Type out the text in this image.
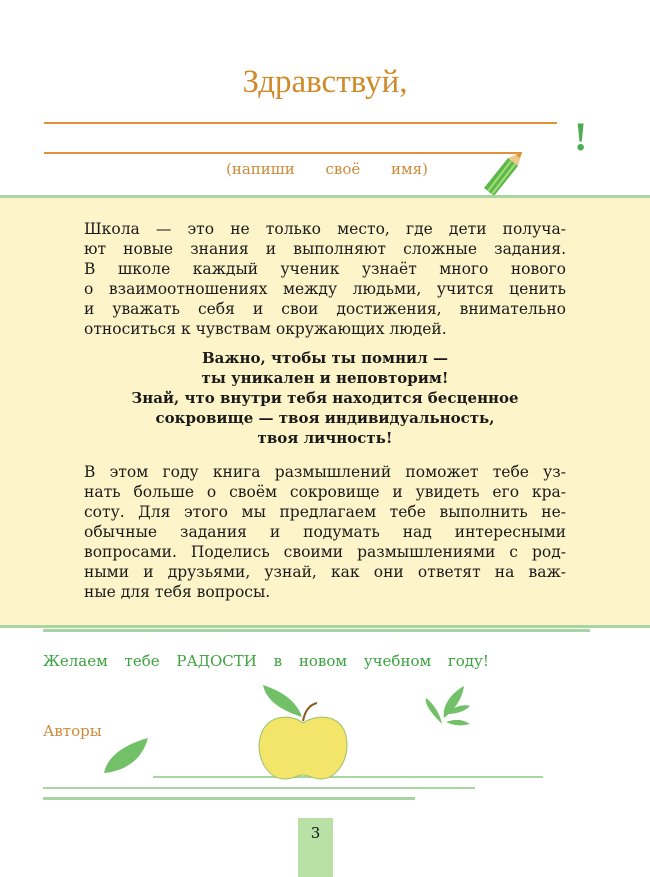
Здравствуй,
!
(напиши своё имя)
Школа — это не только место, где дети получа-
ют новые знания и выполняют сложные задания.
В школе каждый ученик узнаёт много нового
о взаимоотношениях между людьми, учится ценить
и уважать себя и свои достижения, внимательно
относиться к чувствам окружающих людей.
Важно, чтобы ты помнил —
ты уникален и неповторим!
Знай, что внутри тебя находится бесценное
сокровище — твоя индивидуальность,
твоя личность!
В этом году книга размышлений поможет тебе уз-
нать больше о своём сокровище и увидеть его кра-
соту. Для этого мы предлагаем тебе выполнить не-
обычные задания и подумать над интересными
вопросами. Поделись своими размышлениями с род-
ными и друзьями, узнай, как они ответят на важ-
ные для тебя вопросы.
Желаем тебе РАДОСТИ в новом учебном году!
Авторы
3
